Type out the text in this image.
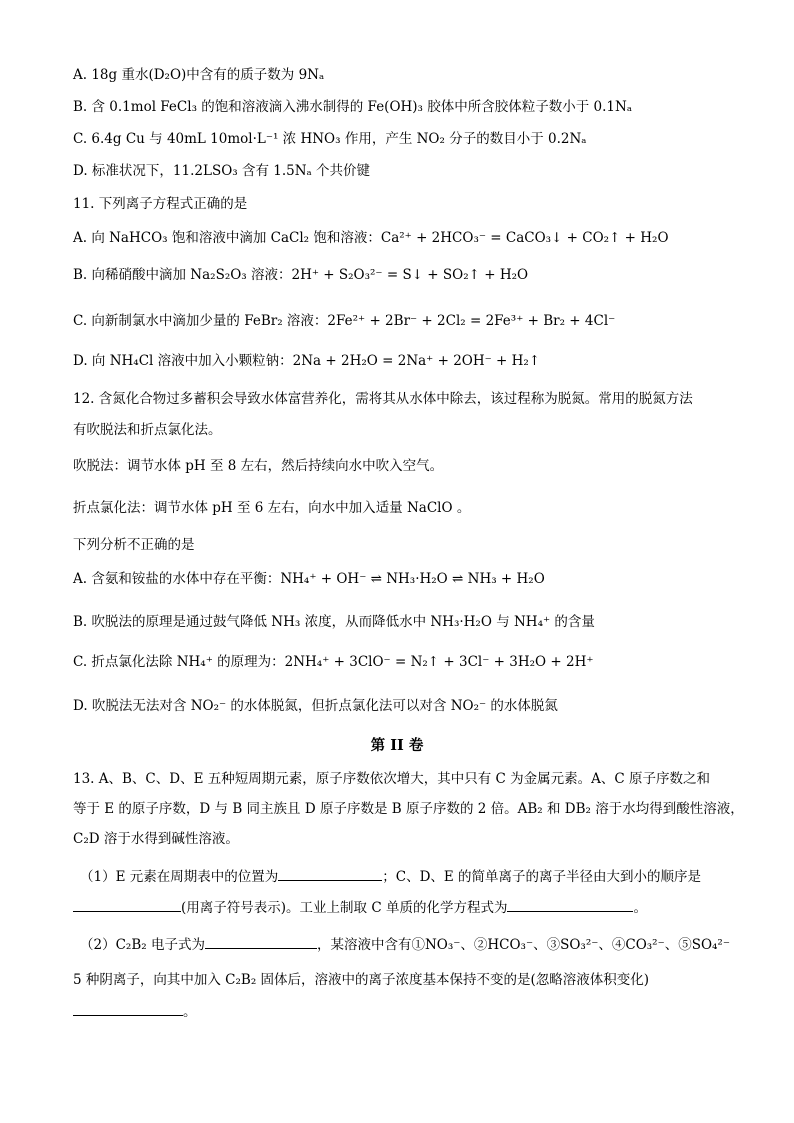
A. 18g 重水(D₂O)中含有的质子数为 9Nₐ
B. 含 0.1mol FeCl₃ 的饱和溶液滴入沸水制得的 Fe(OH)₃ 胶体中所含胶体粒子数小于 0.1Nₐ
C. 6.4g Cu 与 40mL 10mol·L⁻¹ 浓 HNO₃ 作用，产生 NO₂ 分子的数目小于 0.2Nₐ
D. 标准状况下，11.2LSO₃ 含有 1.5Nₐ 个共价键
11. 下列离子方程式正确的是
A. 向 NaHCO₃ 饱和溶液中滴加 CaCl₂ 饱和溶液：Ca²⁺ + 2HCO₃⁻ = CaCO₃↓ + CO₂↑ + H₂O
B. 向稀硝酸中滴加 Na₂S₂O₃ 溶液：2H⁺ + S₂O₃²⁻ = S↓ + SO₂↑ + H₂O
C. 向新制氯水中滴加少量的 FeBr₂ 溶液：2Fe²⁺ + 2Br⁻ + 2Cl₂ = 2Fe³⁺ + Br₂ + 4Cl⁻
D. 向 NH₄Cl 溶液中加入小颗粒钠：2Na + 2H₂O = 2Na⁺ + 2OH⁻ + H₂↑
12. 含氮化合物过多蓄积会导致水体富营养化，需将其从水体中除去，该过程称为脱氮。常用的脱氮方法
有吹脱法和折点氯化法。
吹脱法：调节水体 pH 至 8 左右，然后持续向水中吹入空气。
折点氯化法：调节水体 pH 至 6 左右，向水中加入适量 NaClO 。
下列分析不正确的是
A. 含氨和铵盐的水体中存在平衡：NH₄⁺ + OH⁻ ⇌ NH₃·H₂O ⇌ NH₃ + H₂O
B. 吹脱法的原理是通过鼓气降低 NH₃ 浓度，从而降低水中 NH₃·H₂O 与 NH₄⁺ 的含量
C. 折点氯化法除 NH₄⁺ 的原理为：2NH₄⁺ + 3ClO⁻ = N₂↑ + 3Cl⁻ + 3H₂O + 2H⁺
D. 吹脱法无法对含 NO₂⁻ 的水体脱氮，但折点氯化法可以对含 NO₂⁻ 的水体脱氮
第 II 卷
13. A、B、C、D、E 五种短周期元素，原子序数依次增大，其中只有 C 为金属元素。A、C 原子序数之和
等于 E 的原子序数，D 与 B 同主族且 D 原子序数是 B 原子序数的 2 倍。AB₂ 和 DB₂ 溶于水均得到酸性溶液，
C₂D 溶于水得到碱性溶液。
（1）E 元素在周期表中的位置为	；C、D、E 的简单离子的离子半径由大到小的顺序是
(用离子符号表示)。工业上制取 C 单质的化学方程式为	。
（2）C₂B₂ 电子式为	，某溶液中含有①NO₃⁻、②HCO₃⁻、③SO₃²⁻、④CO₃²⁻、⑤SO₄²⁻
5 种阴离子，向其中加入 C₂B₂ 固体后，溶液中的离子浓度基本保持不变的是(忽略溶液体积变化)
。
